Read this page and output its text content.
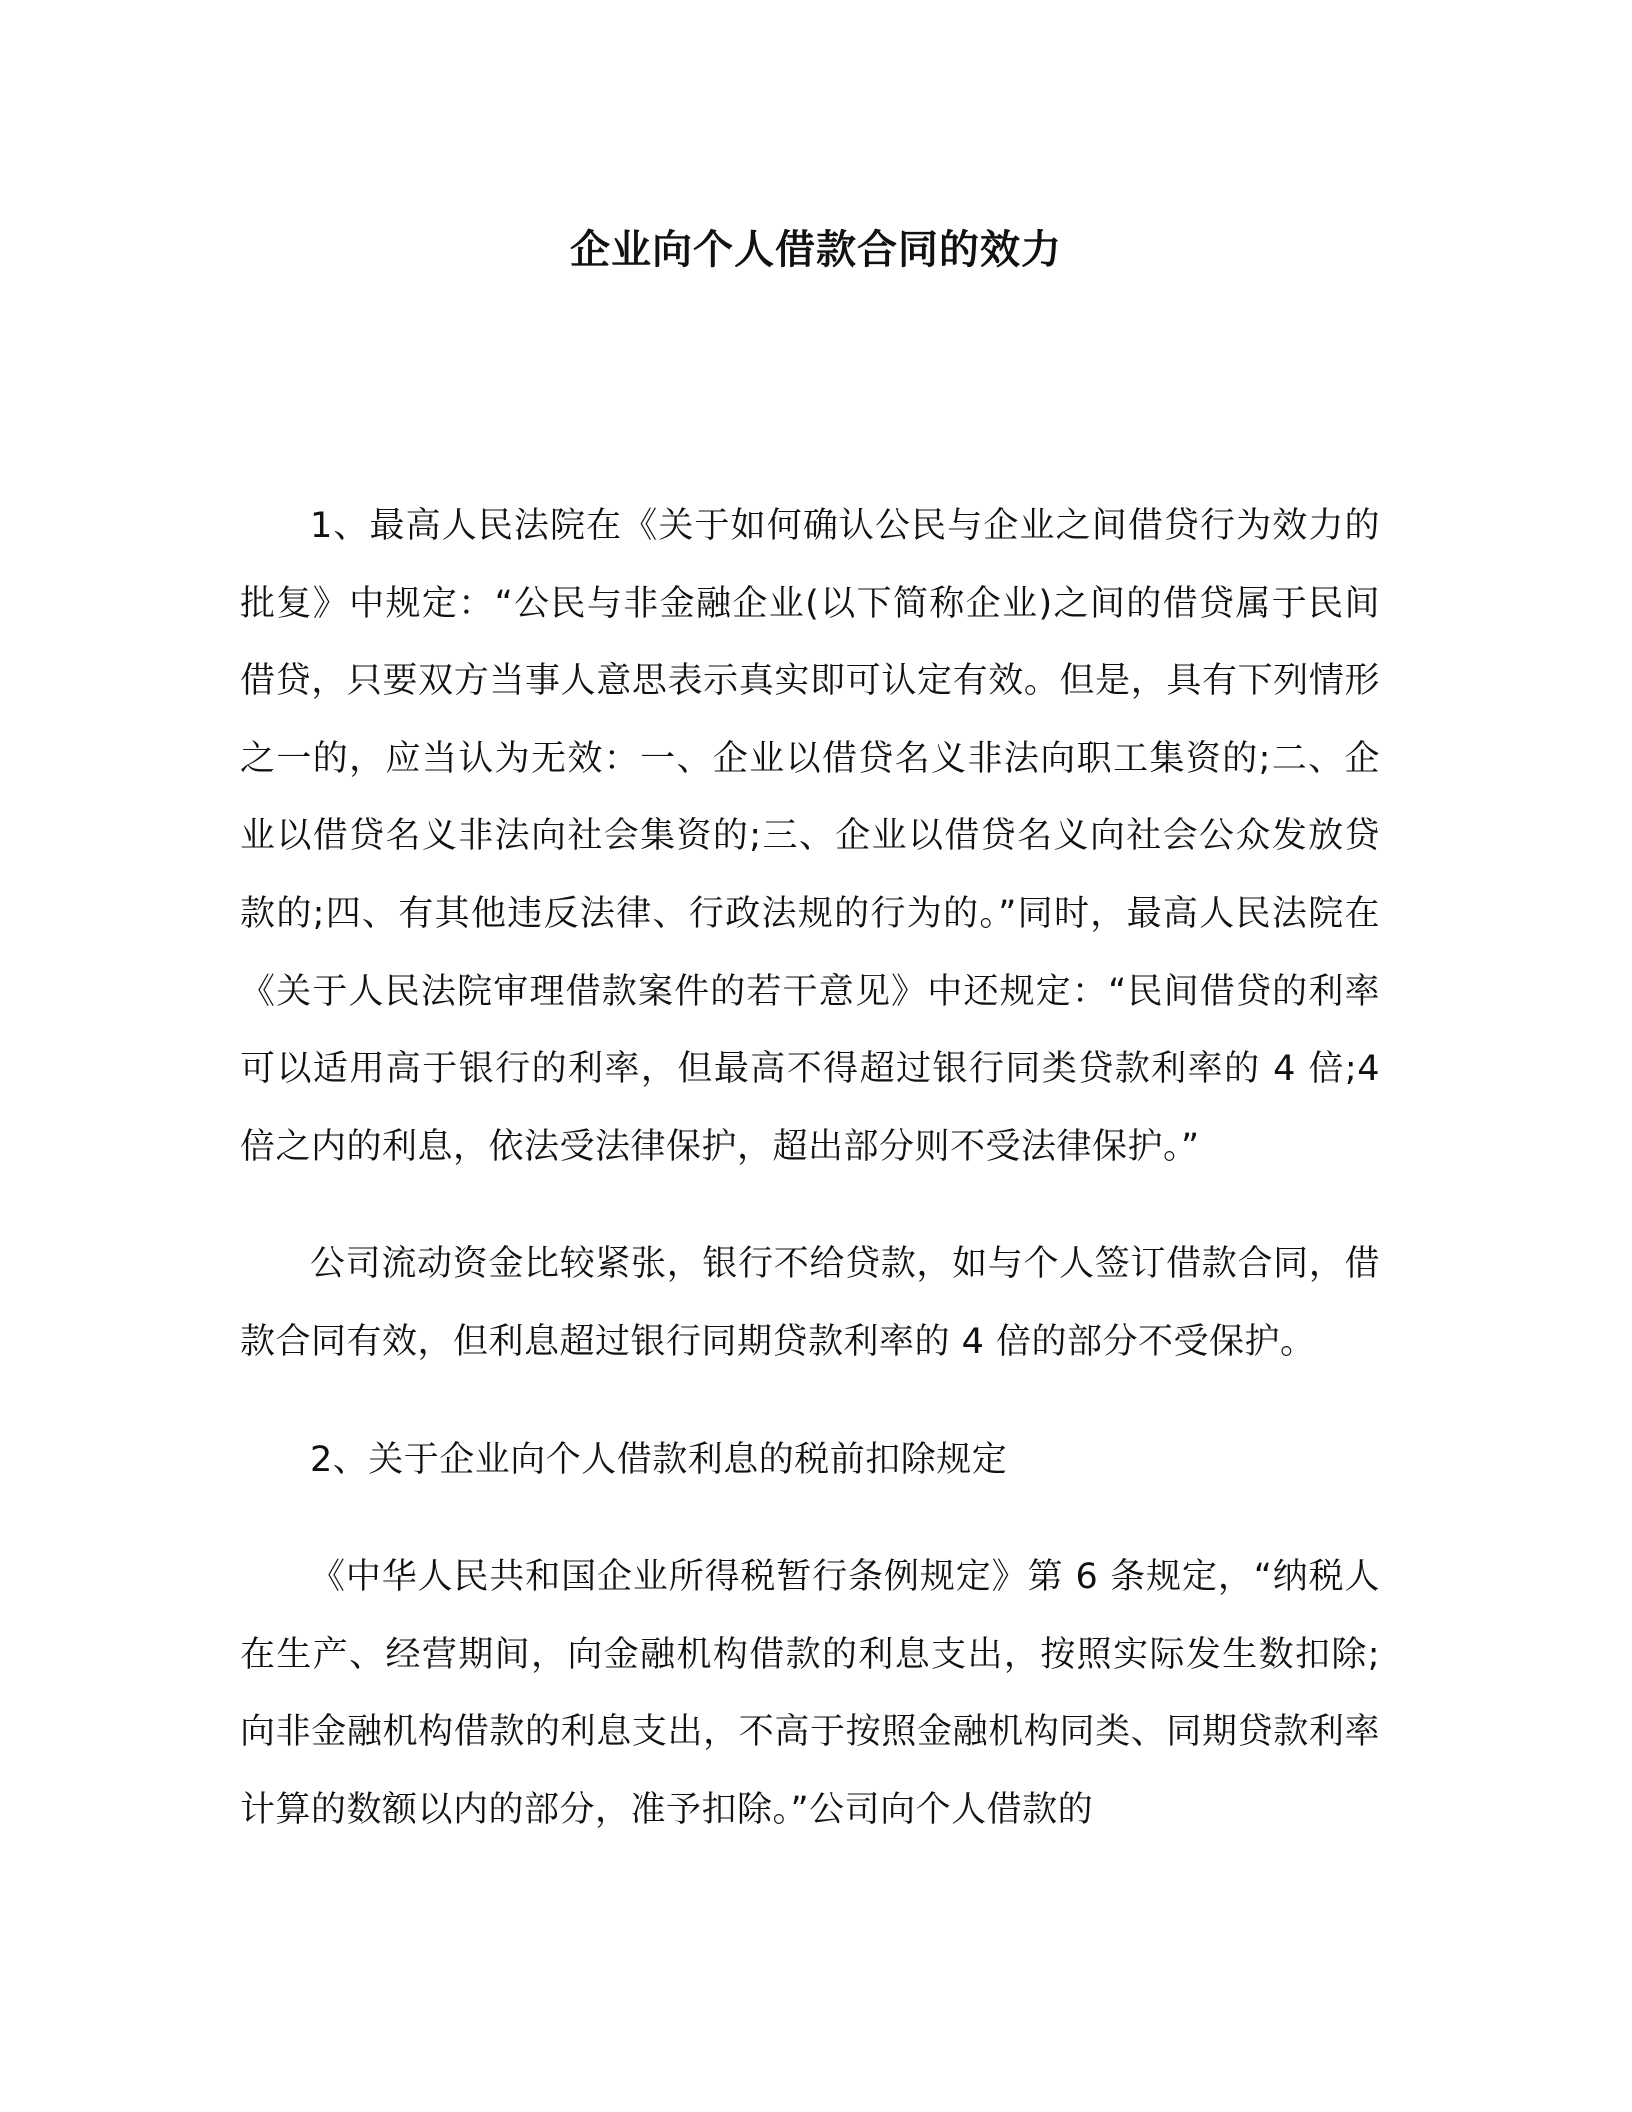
企业向个人借款合同的效力

1、最高人民法院在《关于如何确认公民与企业之间借贷行为效力的批复》中规定：“公民与非金融企业(以下简称企业)之间的借贷属于民间借贷，只要双方当事人意思表示真实即可认定有效。但是，具有下列情形之一的，应当认为无效：一、企业以借贷名义非法向职工集资的;二、企业以借贷名义非法向社会集资的;三、企业以借贷名义向社会公众发放贷款的;四、有其他违反法律、行政法规的行为的。”同时，最高人民法院在《关于人民法院审理借款案件的若干意见》中还规定：“民间借贷的利率可以适用高于银行的利率，但最高不得超过银行同类贷款利率的 4 倍;4 倍之内的利息，依法受法律保护，超出部分则不受法律保护。”

公司流动资金比较紧张，银行不给贷款，如与个人签订借款合同，借款合同有效，但利息超过银行同期贷款利率的 4 倍的部分不受保护。

2、关于企业向个人借款利息的税前扣除规定

《中华人民共和国企业所得税暂行条例规定》第 6 条规定，“纳税人在生产、经营期间，向金融机构借款的利息支出，按照实际发生数扣除;向非金融机构借款的利息支出，不高于按照金融机构同类、同期贷款利率计算的数额以内的部分，准予扣除。”公司向个人借款的
